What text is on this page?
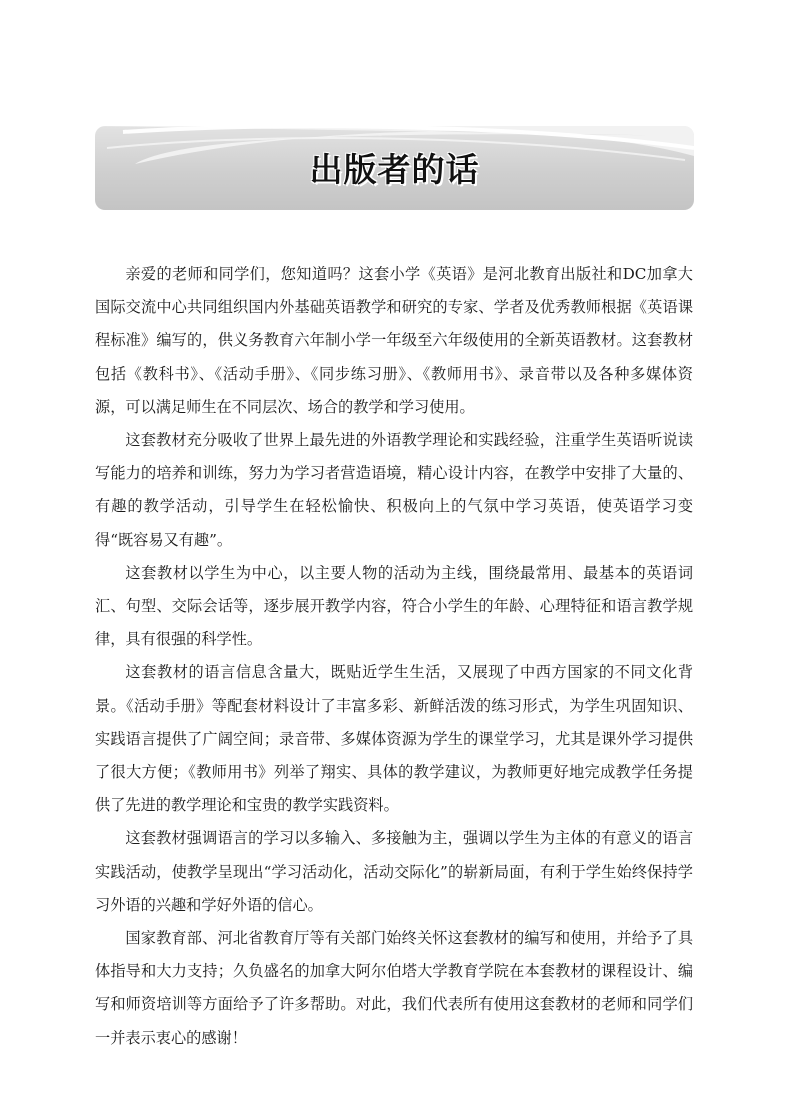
出版者的话

亲爱的老师和同学们，您知道吗？这套小学《英语》是河北教育出版社和DC加拿大国际交流中心共同组织国内外基础英语教学和研究的专家、学者及优秀教师根据《英语课程标准》编写的，供义务教育六年制小学一年级至六年级使用的全新英语教材。这套教材包括《教科书》、《活动手册》、《同步练习册》、《教师用书》、录音带以及各种多媒体资源，可以满足师生在不同层次、场合的教学和学习使用。

这套教材充分吸收了世界上最先进的外语教学理论和实践经验，注重学生英语听说读写能力的培养和训练，努力为学习者营造语境，精心设计内容，在教学中安排了大量的、有趣的教学活动，引导学生在轻松愉快、积极向上的气氛中学习英语，使英语学习变得“既容易又有趣”。

这套教材以学生为中心，以主要人物的活动为主线，围绕最常用、最基本的英语词汇、句型、交际会话等，逐步展开教学内容，符合小学生的年龄、心理特征和语言教学规律，具有很强的科学性。

这套教材的语言信息含量大，既贴近学生生活，又展现了中西方国家的不同文化背景。《活动手册》等配套材料设计了丰富多彩、新鲜活泼的练习形式，为学生巩固知识、实践语言提供了广阔空间；录音带、多媒体资源为学生的课堂学习，尤其是课外学习提供了很大方便；《教师用书》列举了翔实、具体的教学建议，为教师更好地完成教学任务提供了先进的教学理论和宝贵的教学实践资料。

这套教材强调语言的学习以多输入、多接触为主，强调以学生为主体的有意义的语言实践活动，使教学呈现出“学习活动化，活动交际化”的崭新局面，有利于学生始终保持学习外语的兴趣和学好外语的信心。

国家教育部、河北省教育厅等有关部门始终关怀这套教材的编写和使用，并给予了具体指导和大力支持；久负盛名的加拿大阿尔伯塔大学教育学院在本套教材的课程设计、编写和师资培训等方面给予了许多帮助。对此，我们代表所有使用这套教材的老师和同学们一并表示衷心的感谢！
